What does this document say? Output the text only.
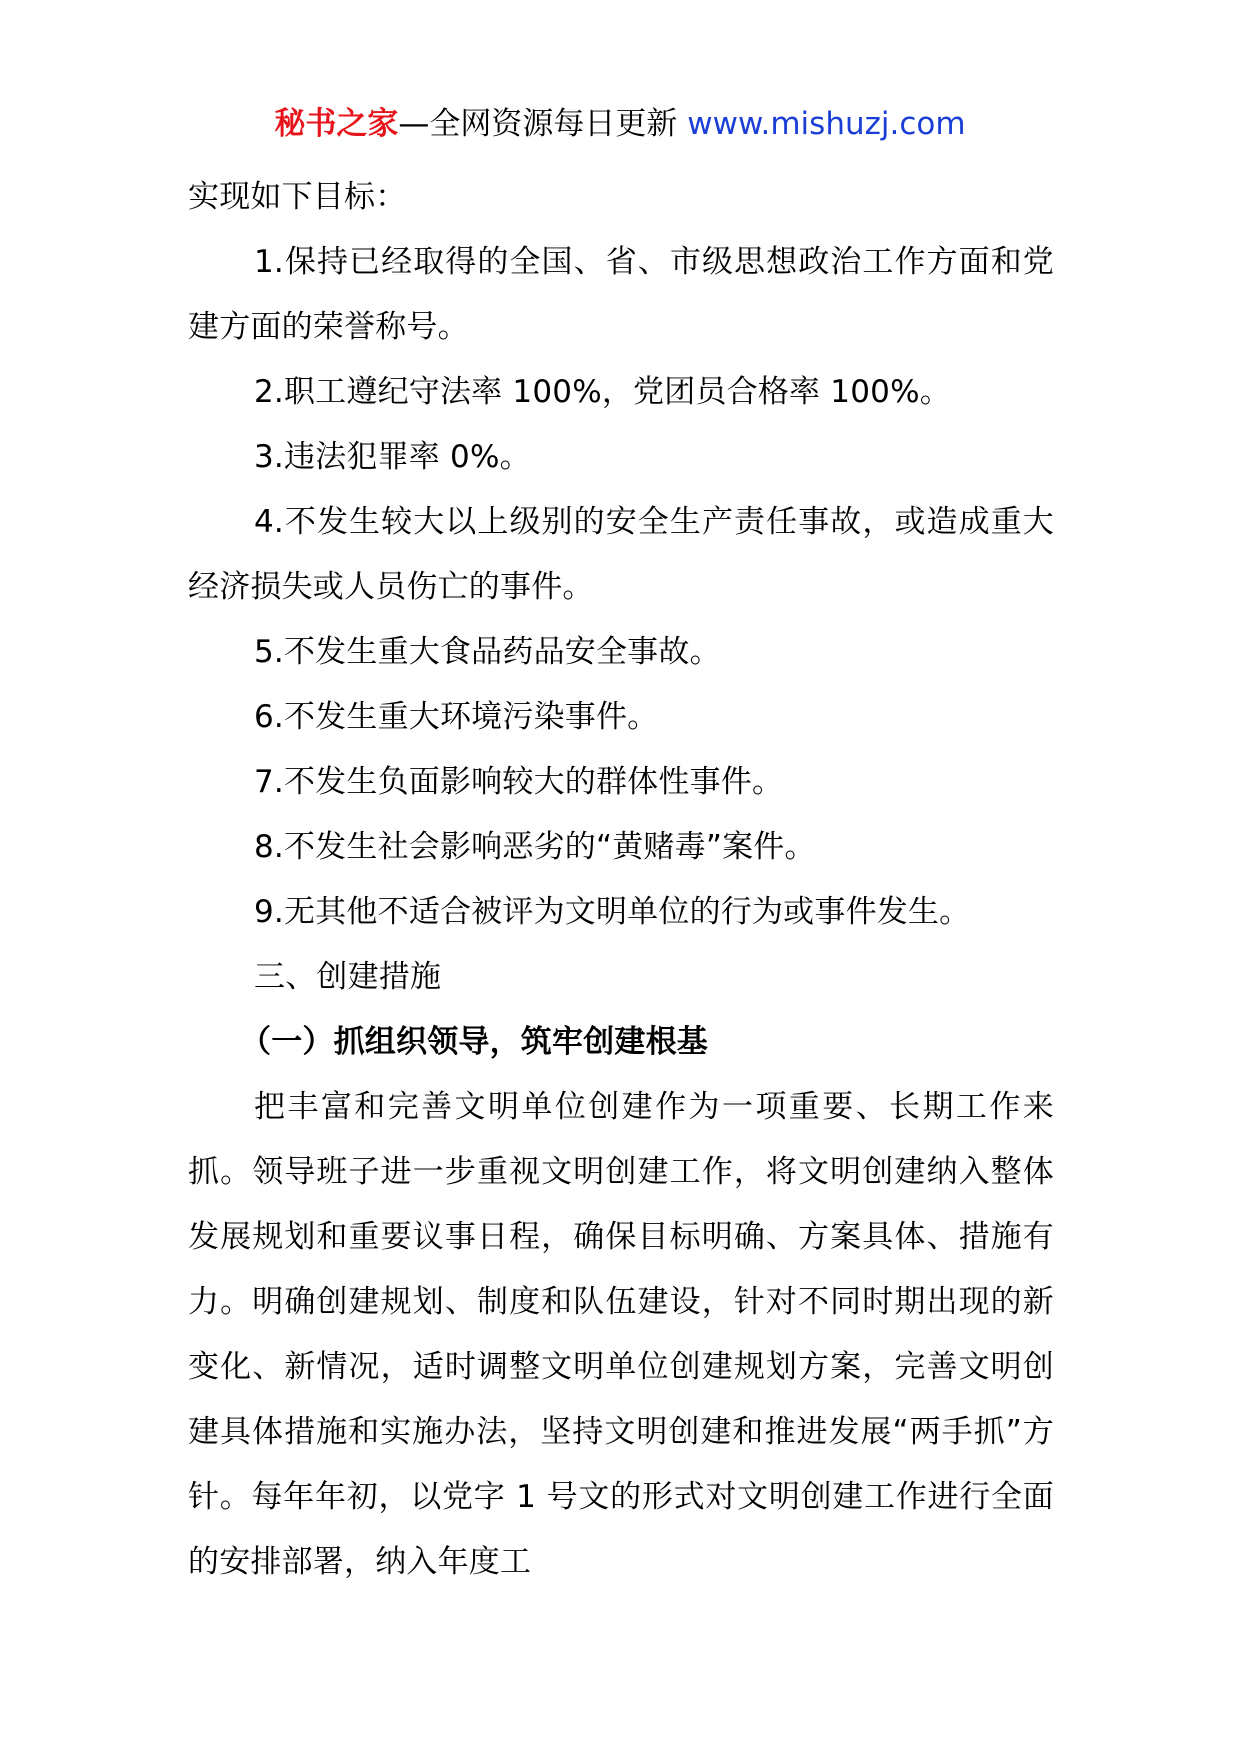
秘书之家—全网资源每日更新 www.mishuzj.com

实现如下目标：

1.保持已经取得的全国、省、市级思想政治工作方面和党建方面的荣誉称号。

2.职工遵纪守法率 100%，党团员合格率 100%。

3.违法犯罪率 0%。

4.不发生较大以上级别的安全生产责任事故，或造成重大经济损失或人员伤亡的事件。

5.不发生重大食品药品安全事故。

6.不发生重大环境污染事件。

7.不发生负面影响较大的群体性事件。

8.不发生社会影响恶劣的“黄赌毒”案件。

9.无其他不适合被评为文明单位的行为或事件发生。

三、创建措施

（一）抓组织领导，筑牢创建根基

把丰富和完善文明单位创建作为一项重要、长期工作来抓。领导班子进一步重视文明创建工作，将文明创建纳入整体发展规划和重要议事日程，确保目标明确、方案具体、措施有力。明确创建规划、制度和队伍建设，针对不同时期出现的新变化、新情况，适时调整文明单位创建规划方案，完善文明创建具体措施和实施办法，坚持文明创建和推进发展“两手抓”方针。每年年初，以党字 1 号文的形式对文明创建工作进行全面的安排部署，纳入年度工
